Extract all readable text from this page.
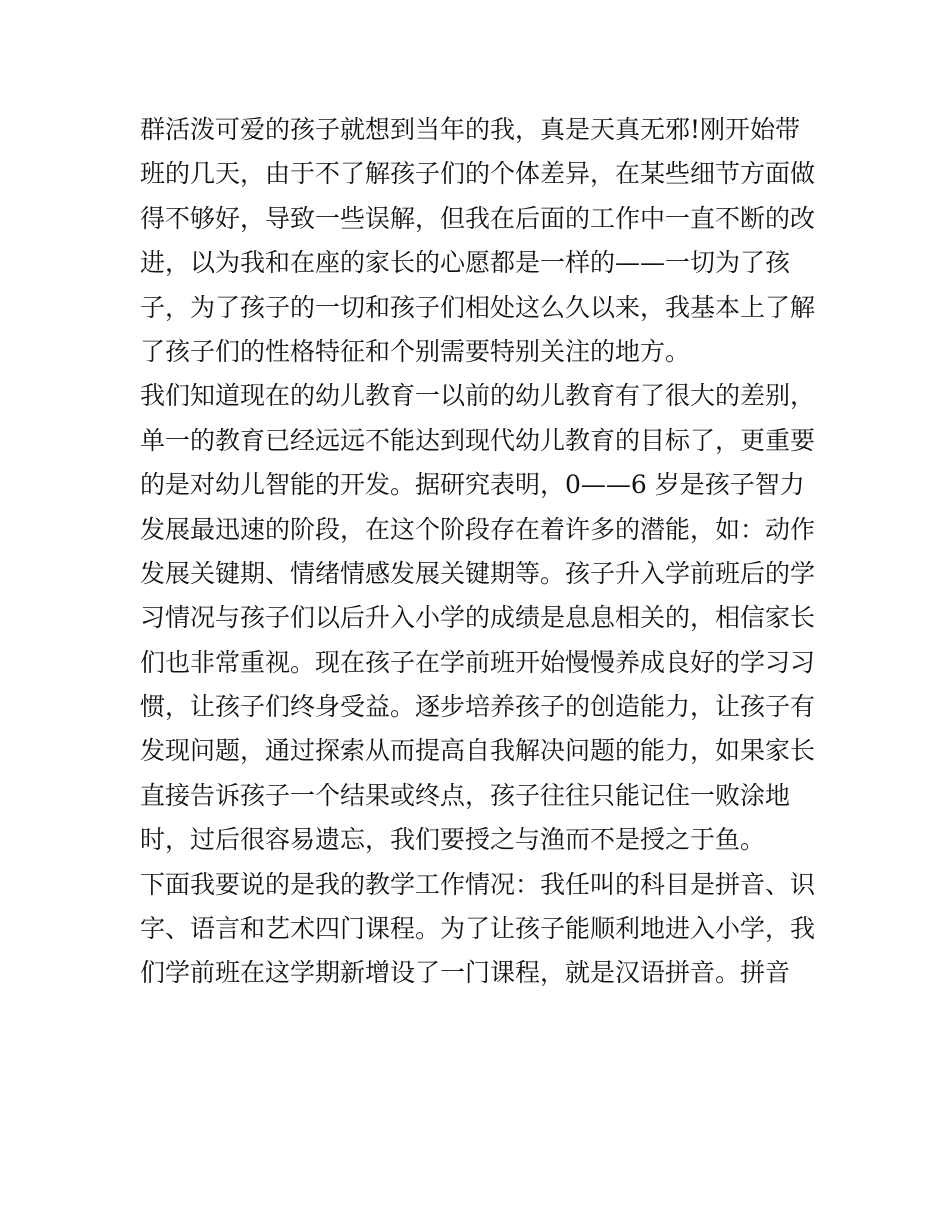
群活泼可爱的孩子就想到当年的我，真是天真无邪!刚开始带
班的几天，由于不了解孩子们的个体差异，在某些细节方面做
得不够好，导致一些误解，但我在后面的工作中一直不断的改
进，以为我和在座的家长的心愿都是一样的——一切为了孩
子，为了孩子的一切和孩子们相处这么久以来，我基本上了解
了孩子们的性格特征和个别需要特别关注的地方。
我们知道现在的幼儿教育一以前的幼儿教育有了很大的差别，
单一的教育已经远远不能达到现代幼儿教育的目标了，更重要
的是对幼儿智能的开发。据研究表明，0——6 岁是孩子智力
发展最迅速的阶段，在这个阶段存在着许多的潜能，如：动作
发展关键期、情绪情感发展关键期等。孩子升入学前班后的学
习情况与孩子们以后升入小学的成绩是息息相关的，相信家长
们也非常重视。现在孩子在学前班开始慢慢养成良好的学习习
惯，让孩子们终身受益。逐步培养孩子的创造能力，让孩子有
发现问题，通过探索从而提高自我解决问题的能力，如果家长
直接告诉孩子一个结果或终点，孩子往往只能记住一败涂地
时，过后很容易遗忘，我们要授之与渔而不是授之于鱼。
下面我要说的是我的教学工作情况：我任叫的科目是拼音、识
字、语言和艺术四门课程。为了让孩子能顺利地进入小学，我
们学前班在这学期新增设了一门课程，就是汉语拼音。拼音
